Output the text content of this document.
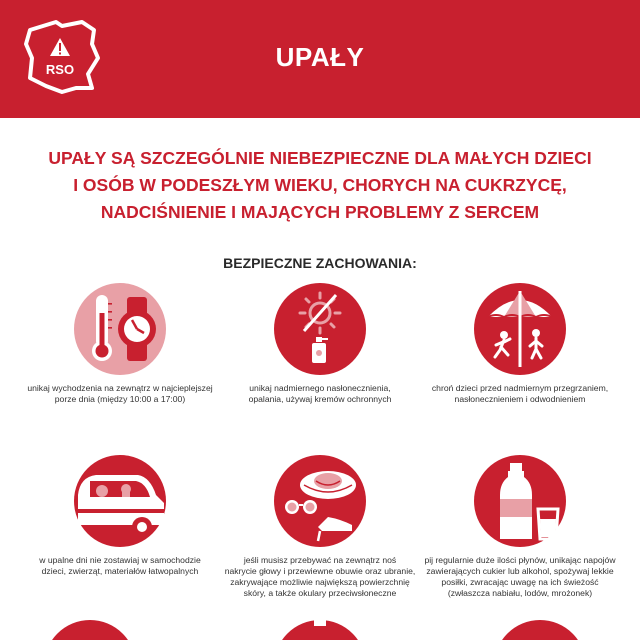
RSO	UPAŁY
UPAŁY SĄ SZCZEGÓLNIE NIEBEZPIECZNE DLA MAŁYCH DZIECI
I OSÓB W PODESZŁYM WIEKU, CHORYCH NA CUKRZYCĘ,
NADCIŚNIENIE I MAJĄCYCH PROBLEMY Z SERCEM
BEZPIECZNE ZACHOWANIA:
unikaj wychodzenia na zewnątrz w najcieplejszej
porze dnia (między 10:00 a 17:00)
unikaj nadmiernego nasłonecznienia,
opalania, używaj kremów ochronnych
chroń dzieci przed nadmiernym przegrzaniem,
nasłonecznieniem i odwodnieniem
w upalne dni nie zostawiaj w samochodzie
dzieci, zwierząt, materiałów łatwopalnych
jeśli musisz przebywać na zewnątrz noś
nakrycie głowy i przewiewne obuwie oraz ubranie,
zakrywające możliwie największą powierzchnię
skóry, a także okulary przeciwsłoneczne
pij regularnie duże ilości płynów, unikając napojów
zawierających cukier lub alkohol, spożywaj lekkie
posiłki, zwracając uwagę na ich świeżość
(zwłaszcza nabiału, lodów, mrożonek)
